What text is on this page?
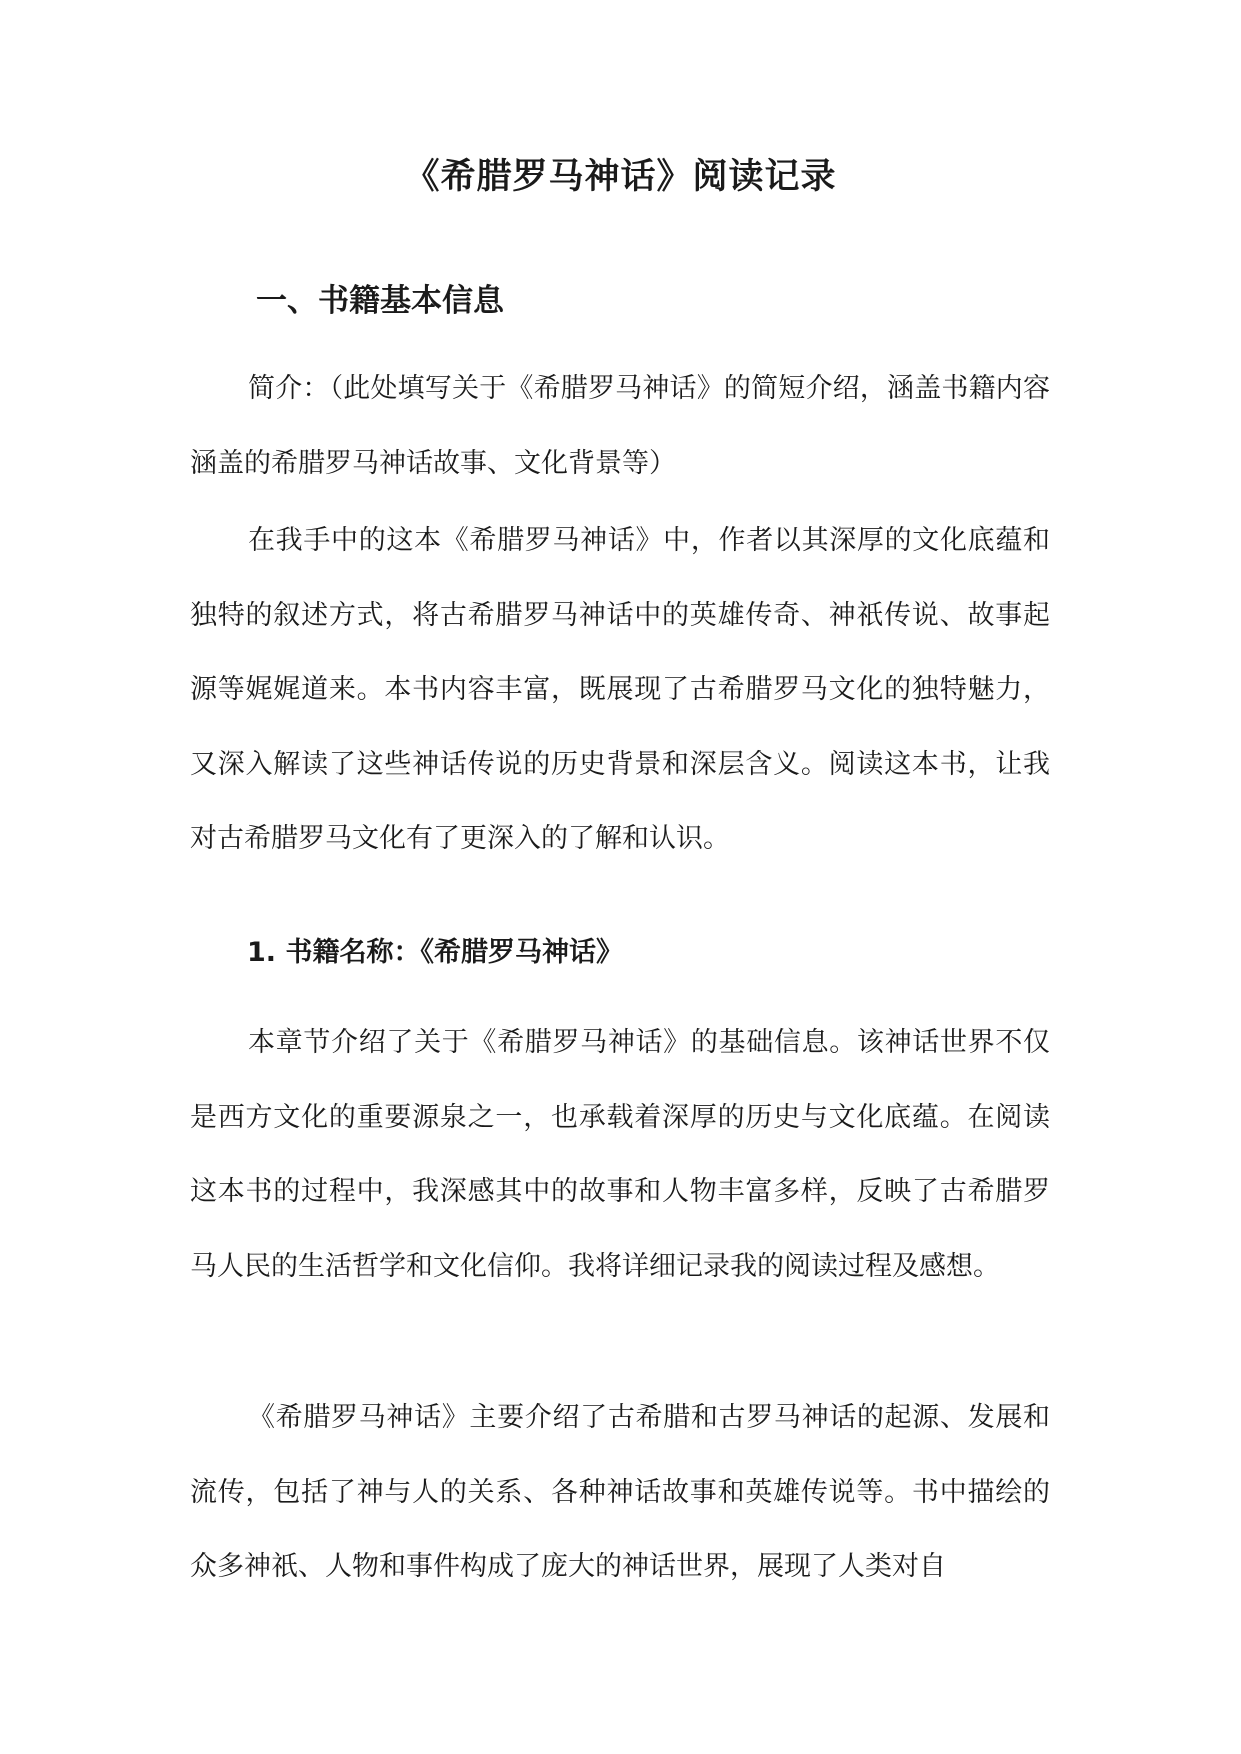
《希腊罗马神话》阅读记录
一、书籍基本信息

简介：（此处填写关于《希腊罗马神话》的简短介绍，涵盖书籍内容涵盖的希腊罗马神话故事、文化背景等）

在我手中的这本《希腊罗马神话》中，作者以其深厚的文化底蕴和独特的叙述方式，将古希腊罗马神话中的英雄传奇、神祇传说、故事起源等娓娓道来。本书内容丰富，既展现了古希腊罗马文化的独特魅力，又深入解读了这些神话传说的历史背景和深层含义。阅读这本书，让我对古希腊罗马文化有了更深入的了解和认识。

1. 书籍名称：《希腊罗马神话》

本章节介绍了关于《希腊罗马神话》的基础信息。该神话世界不仅是西方文化的重要源泉之一，也承载着深厚的历史与文化底蕴。在阅读这本书的过程中，我深感其中的故事和人物丰富多样，反映了古希腊罗马人民的生活哲学和文化信仰。我将详细记录我的阅读过程及感想。

《希腊罗马神话》主要介绍了古希腊和古罗马神话的起源、发展和流传，包括了神与人的关系、各种神话故事和英雄传说等。书中描绘的众多神祇、人物和事件构成了庞大的神话世界，展现了人类对自
